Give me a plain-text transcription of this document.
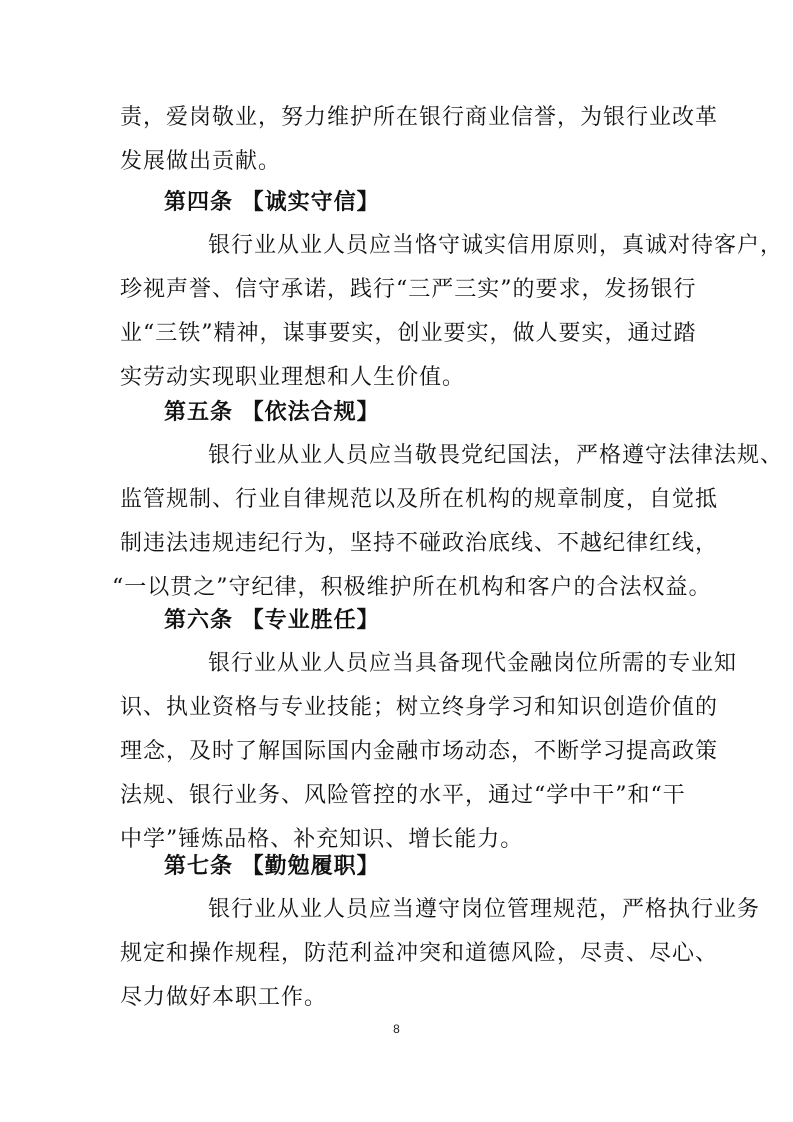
责，爱岗敬业，努力维护所在银行商业信誉，为银行业改革
发展做出贡献。
第四条 【诚实守信】
银行业从业人员应当恪守诚实信用原则，真诚对待客户，
珍视声誉、信守承诺，践行“三严三实”的要求，发扬银行
业“三铁”精神，谋事要实，创业要实，做人要实，通过踏
实劳动实现职业理想和人生价值。
第五条 【依法合规】
银行业从业人员应当敬畏党纪国法，严格遵守法律法规、
监管规制、行业自律规范以及所在机构的规章制度，自觉抵
制违法违规违纪行为，坚持不碰政治底线、不越纪律红线，
“一以贯之”守纪律，积极维护所在机构和客户的合法权益。
第六条 【专业胜任】
银行业从业人员应当具备现代金融岗位所需的专业知
识、执业资格与专业技能；树立终身学习和知识创造价值的
理念，及时了解国际国内金融市场动态，不断学习提高政策
法规、银行业务、风险管控的水平，通过“学中干”和“干
中学”锤炼品格、补充知识、增长能力。
第七条 【勤勉履职】
银行业从业人员应当遵守岗位管理规范，严格执行业务
规定和操作规程，防范利益冲突和道德风险，尽责、尽心、
尽力做好本职工作。
8
